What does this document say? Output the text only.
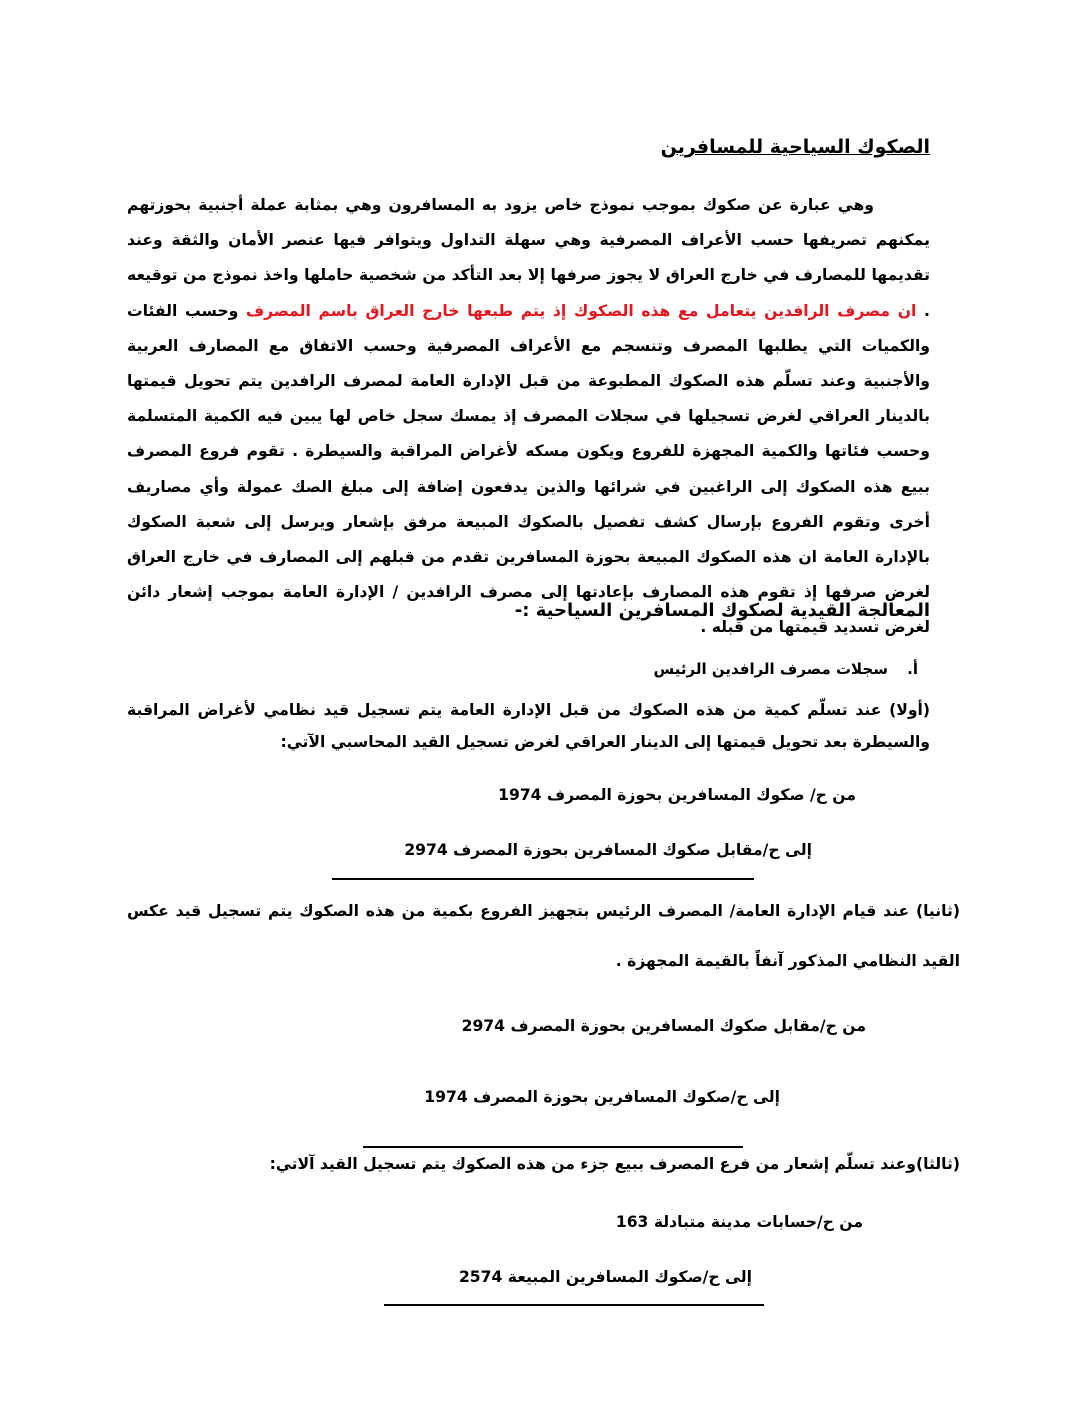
الصكوك السياحية للمسافرين
وهي عبارة عن صكوك بموجب نموذج خاص يزود به المسافرون وهي بمثابة عملة أجنبية بحوزتهم يمكنهم تصريفها حسب الأعراف المصرفية وهي سهلة التداول ويتوافر فيها عنصر الأمان والثقة وعند تقديمها للمصارف في خارج العراق لا يجوز صرفها إلا بعد التأكد من شخصية حاملها واخذ نموذج من توقيعه . ان مصرف الرافدين يتعامل مع هذه الصكوك إذ يتم طبعها خارج العراق باسم المصرف وحسب الفئات والكميات التي يطلبها المصرف وتنسجم مع الأعراف المصرفية وحسب الاتفاق مع المصارف العربية والأجنبية وعند تسلّم هذه الصكوك المطبوعة من قبل الإدارة العامة لمصرف الرافدين يتم تحويل قيمتها بالدينار العراقي لغرض تسجيلها في سجلات المصرف إذ يمسك سجل خاص لها يبين فيه الكمية المتسلمة وحسب فئاتها والكمية المجهزة للفروع ويكون مسكه لأغراض المراقبة والسيطرة . تقوم فروع المصرف ببيع هذه الصكوك إلى الراغبين في شرائها والذين يدفعون إضافة إلى مبلغ الصك عمولة وأي مصاريف أخرى وتقوم الفروع بإرسال كشف تفصيل بالصكوك المبيعة مرفق بإشعار ويرسل إلى شعبة الصكوك بالإدارة العامة ان هذه الصكوك المبيعة بحوزة المسافرين تقدم من قبلهم إلى المصارف في خارج العراق لغرض صرفها إذ تقوم هذه المصارف بإعادتها إلى مصرف الرافدين / الإدارة العامة بموجب إشعار دائن لغرض تسديد قيمتها من قبله .
المعالجة القيدية لصكوك المسافرين السياحية :-
أ.
سجلات مصرف الرافدين الرئيس
(أولا) عند تسلّم كمية من هذه الصكوك من قبل الإدارة العامة يتم تسجيل قيد نظامي لأغراض المراقبة والسيطرة بعد تحويل قيمتها إلى الدينار العراقي لغرض تسجيل القيد المحاسبي الآتي:
من ح/ صكوك المسافرين بحوزة المصرف 1974
إلى ح/مقابل صكوك المسافرين بحوزة المصرف 2974
(ثانيا) عند قيام الإدارة العامة/ المصرف الرئيس بتجهيز الفروع بكمية من هذه الصكوك يتم تسجيل قيد عكس القيد النظامي المذكور آنفاً بالقيمة المجهزة .
من ح/مقابل صكوك المسافرين بحوزة المصرف 2974
إلى ح/صكوك المسافرين بحوزة المصرف 1974
(ثالثا)وعند تسلّم إشعار من فرع المصرف ببيع جزء من هذه الصكوك يتم تسجيل القيد آلاتي:
من ح/حسابات مدينة متبادلة 163
إلى ح/صكوك المسافرين المبيعة 2574
